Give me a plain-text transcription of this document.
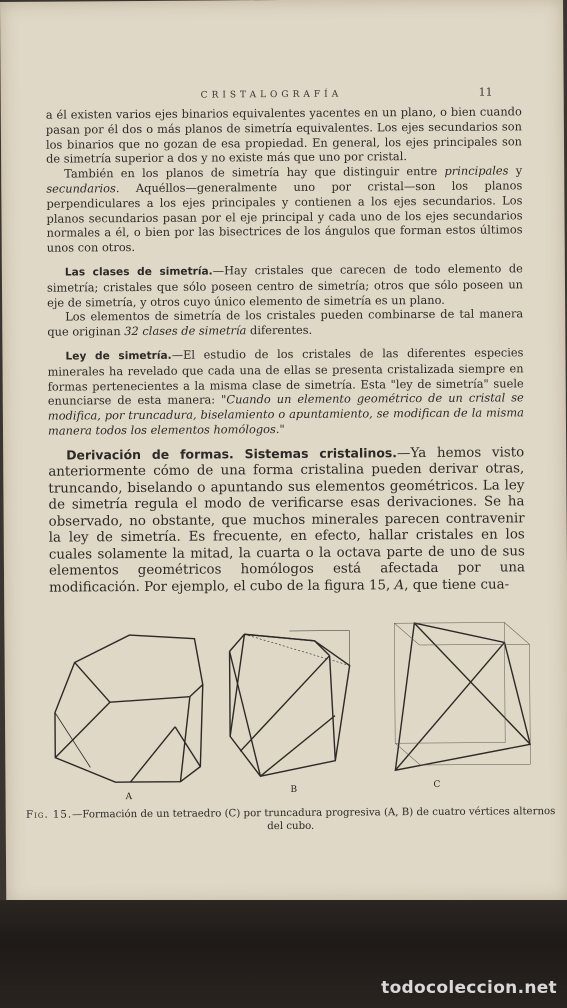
CRISTALOGRAFÍA	11

a él existen varios ejes binarios equivalentes yacentes en un plano, o bien cuando pasan por él dos o más planos de simetría equivalentes. Los ejes secundarios son los binarios que no gozan de esa propiedad. En general, los ejes principales son de simetría superior a dos y no existe más que uno por cristal.

También en los planos de simetría hay que distinguir entre principales y secundarios. Aquéllos—generalmente uno por cristal—son los planos perpendiculares a los ejes principales y contienen a los ejes secundarios. Los planos secundarios pasan por el eje principal y cada uno de los ejes secundarios normales a él, o bien por las bisectrices de los ángulos que forman estos últimos unos con otros.

Las clases de simetría.—Hay cristales que carecen de todo elemento de simetría; cristales que sólo poseen centro de simetría; otros que sólo poseen un eje de simetría, y otros cuyo único elemento de simetría es un plano.

Los elementos de simetría de los cristales pueden combinarse de tal manera que originan 32 clases de simetría diferentes.

Ley de simetría.—El estudio de los cristales de las diferentes especies minerales ha revelado que cada una de ellas se presenta cristalizada siempre en formas pertenecientes a la misma clase de simetría. Esta "ley de simetría" suele enunciarse de esta manera: "Cuando un elemento geométrico de un cristal se modifica, por truncadura, biselamiento o apuntamiento, se modifican de la misma manera todos los elementos homólogos."

Derivación de formas. Sistemas cristalinos.—Ya hemos visto anteriormente cómo de una forma cristalina pueden derivar otras, truncando, biselando o apuntando sus elementos geométricos. La ley de simetría regula el modo de verificarse esas derivaciones. Se ha observado, no obstante, que muchos minerales parecen contravenir la ley de simetría. Es frecuente, en efecto, hallar cristales en los cuales solamente la mitad, la cuarta o la octava parte de uno de sus elementos geométricos homólogos está afectada por una modificación. Por ejemplo, el cubo de la figura 15, A, que tiene cua-

A
B	C
Fig. 15.—Formación de un tetraedro (C) por truncadura progresiva (A, B) de cuatro vértices alternos del cubo.
todocoleccion.net
